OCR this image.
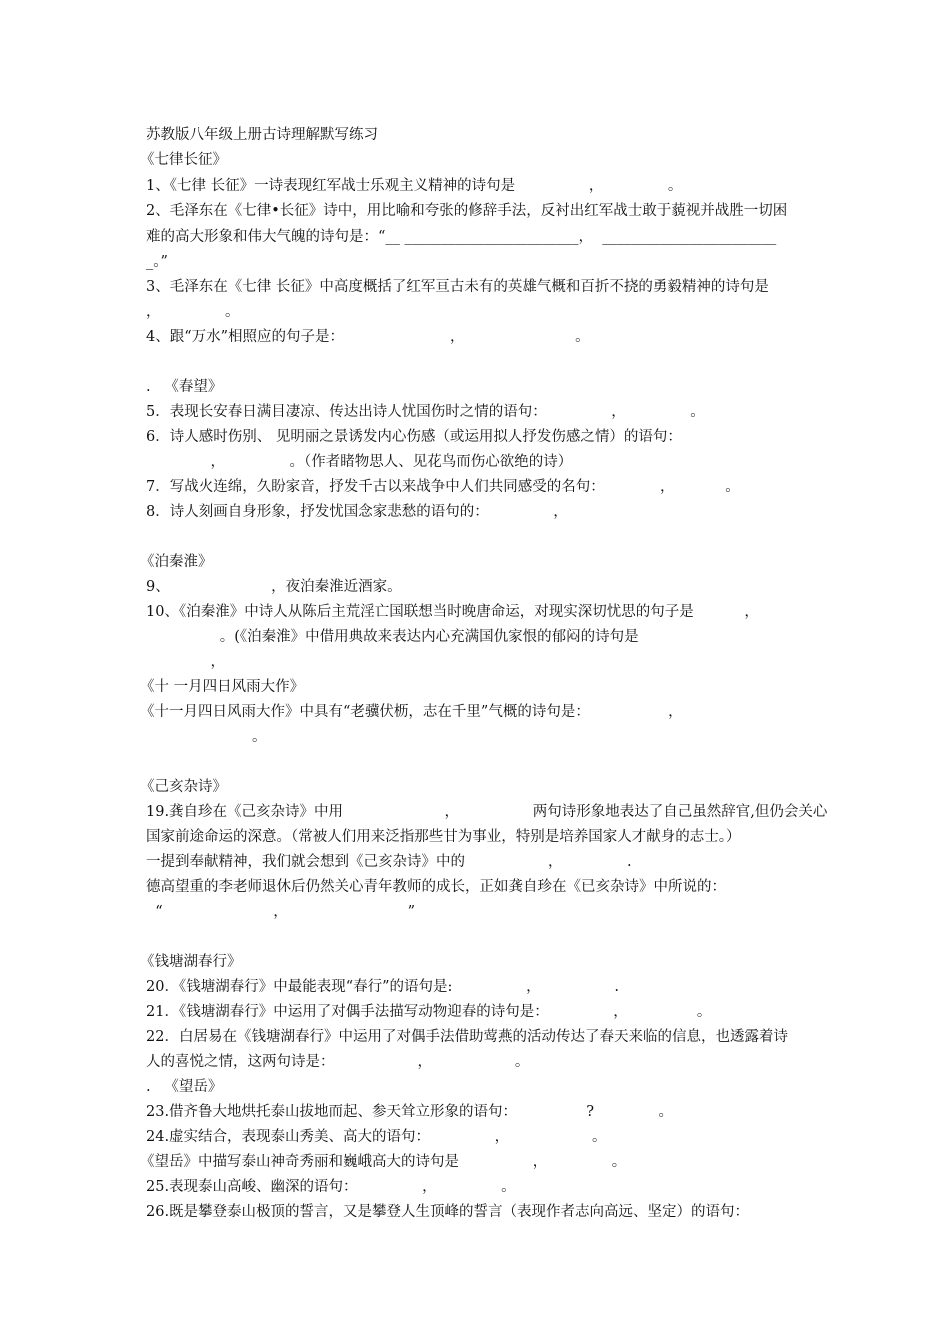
苏教版八年级上册古诗理解默写练习
《七律长征》
1、《七律 长征》一诗表现红军战士乐观主义精神的诗句是                ，              。
2、毛泽东在《七律•长征》诗中，用比喻和夸张的修辞手法，反衬出红军战士敢于藐视并战胜一切困
难的高大形象和伟大气魄的诗句是：“__ ________________________，  ________________________
_。”
3、毛泽东在《七律 长征》中高度概括了红军亘古未有的英雄气概和百折不挠的勇毅精神的诗句是
，              。
4、跟“万水”相照应的句子是：                       ，                        。
.   《春望》
5．表现长安春日满目凄凉、传达出诗人忧国伤时之情的语句：              ，              。
6．诗人感时伤别、 见明丽之景诱发内心伤感（或运用拟人抒发伤感之情）的语句：
，              。（作者睹物思人、见花鸟而伤心欲绝的诗）
7．写战火连绵，久盼家音，抒发千古以来战争中人们共同感受的名句：            ，           。
8．诗人刻画自身形象，抒发忧国念家悲愁的语句的：              ，
《泊秦淮》
9、                      ，夜泊秦淮近酒家。
10、《泊秦淮》中诗人从陈后主荒淫亡国联想当时晚唐命运，对现实深切忧思的句子是           ，
。(《泊秦淮》中借用典故来表达内心充满国仇家恨的郁闷的诗句是
，
《十 一月四日风雨大作》
《十一月四日风雨大作》中具有“老骥伏枥，志在千里”气概的诗句是：                 ，
。
《己亥杂诗》
19.龚自珍在《己亥杂诗》中用                      ，                两句诗形象地表达了自己虽然辞官,但仍会关心
国家前途命运的深意。（常被人们用来泛指那些甘为事业，特别是培养国家人才献身的志士。）
一提到奉献精神，我们就会想到《己亥杂诗》中的                  ，              .
德高望重的李老师退休后仍然关心青年教师的成长，正如龚自珍在《已亥杂诗》中所说的：
“                        ，                          ”
《钱塘湖春行》
20．《钱塘湖春行》中最能表现“春行”的语句是:                ，                .
21．《钱塘湖春行》中运用了对偶手法描写动物迎春的诗句是：              ，               。
22．白居易在《钱塘湖春行》中运用了对偶手法借助莺燕的活动传达了春天来临的信息，也透露着诗
人的喜悦之情，这两句诗是：                  ，                  。
.   《望岳》
23.借齐鲁大地烘托泰山拔地而起、参天耸立形象的语句：               ?              。
24.虚实结合，表现泰山秀美、高大的语句：              ，                  。
《望岳》中描写泰山神奇秀丽和巍峨高大的诗句是                ，              。
25.表现泰山高峻、幽深的语句：              ，              。
26.既是攀登泰山极顶的誓言，又是攀登人生顶峰的誓言（表现作者志向高远、坚定）的语句：
